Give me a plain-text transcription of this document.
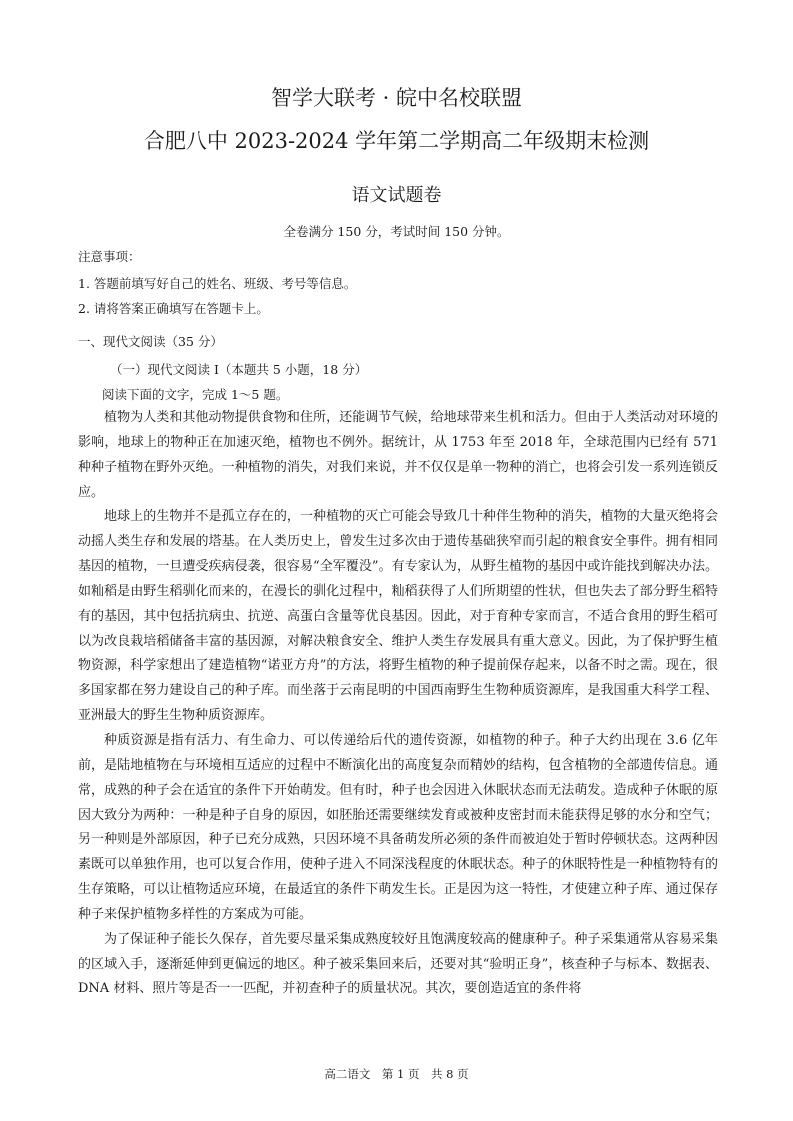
智学大联考 · 皖中名校联盟
合肥八中 2023-2024 学年第二学期高二年级期末检测
语文试题卷
全卷满分 150 分，考试时间 150 分钟。
注意事项：
1. 答题前填写好自己的姓名、班级、考号等信息。
2. 请将答案正确填写在答题卡上。
一、现代文阅读（35 分）
（一）现代文阅读 I（本题共 5 小题，18 分）
阅读下面的文字，完成 1～5 题。

植物为人类和其他动物提供食物和住所，还能调节气候，给地球带来生机和活力。但由于人类活动对环境的影响，地球上的物种正在加速灭绝，植物也不例外。据统计，从 1753 年至 2018 年，全球范围内已经有 571 种种子植物在野外灭绝。一种植物的消失，对我们来说，并不仅仅是单一物种的消亡，也将会引发一系列连锁反应。

地球上的生物并不是孤立存在的，一种植物的灭亡可能会导致几十种伴生物种的消失，植物的大量灭绝将会动摇人类生存和发展的塔基。在人类历史上，曾发生过多次由于遗传基础狭窄而引起的粮食安全事件。拥有相同基因的植物，一旦遭受疾病侵袭，很容易“全军覆没”。有专家认为，从野生植物的基因中或许能找到解决办法。如籼稻是由野生稻驯化而来的，在漫长的驯化过程中，籼稻获得了人们所期望的性状，但也失去了部分野生稻特有的基因，其中包括抗病虫、抗逆、高蛋白含量等优良基因。因此，对于育种专家而言，不适合食用的野生稻可以为改良栽培稻储备丰富的基因源，对解决粮食安全、维护人类生存发展具有重大意义。因此，为了保护野生植物资源，科学家想出了建造植物“诺亚方舟”的方法，将野生植物的种子提前保存起来，以备不时之需。现在，很多国家都在努力建设自己的种子库。而坐落于云南昆明的中国西南野生生物种质资源库，是我国重大科学工程、亚洲最大的野生生物种质资源库。

种质资源是指有活力、有生命力、可以传递给后代的遗传资源，如植物的种子。种子大约出现在 3.6 亿年前，是陆地植物在与环境相互适应的过程中不断演化出的高度复杂而精妙的结构，包含植物的全部遗传信息。通常，成熟的种子会在适宜的条件下开始萌发。但有时，种子也会因进入休眠状态而无法萌发。造成种子休眠的原因大致分为两种：一种是种子自身的原因，如胚胎还需要继续发育或被种皮密封而未能获得足够的水分和空气；另一种则是外部原因，种子已充分成熟，只因环境不具备萌发所必须的条件而被迫处于暂时停顿状态。这两种因素既可以单独作用，也可以复合作用，使种子进入不同深浅程度的休眠状态。种子的休眠特性是一种植物特有的生存策略，可以让植物适应环境，在最适宜的条件下萌发生长。正是因为这一特性，才使建立种子库、通过保存种子来保护植物多样性的方案成为可能。

为了保证种子能长久保存，首先要尽量采集成熟度较好且饱满度较高的健康种子。种子采集通常从容易采集的区域入手，逐渐延伸到更偏远的地区。种子被采集回来后，还要对其“验明正身”，核查种子与标本、数据表、DNA 材料、照片等是否一一匹配，并初查种子的质量状况。其次，要创造适宜的条件将

高二语文　第 1 页　共 8 页
